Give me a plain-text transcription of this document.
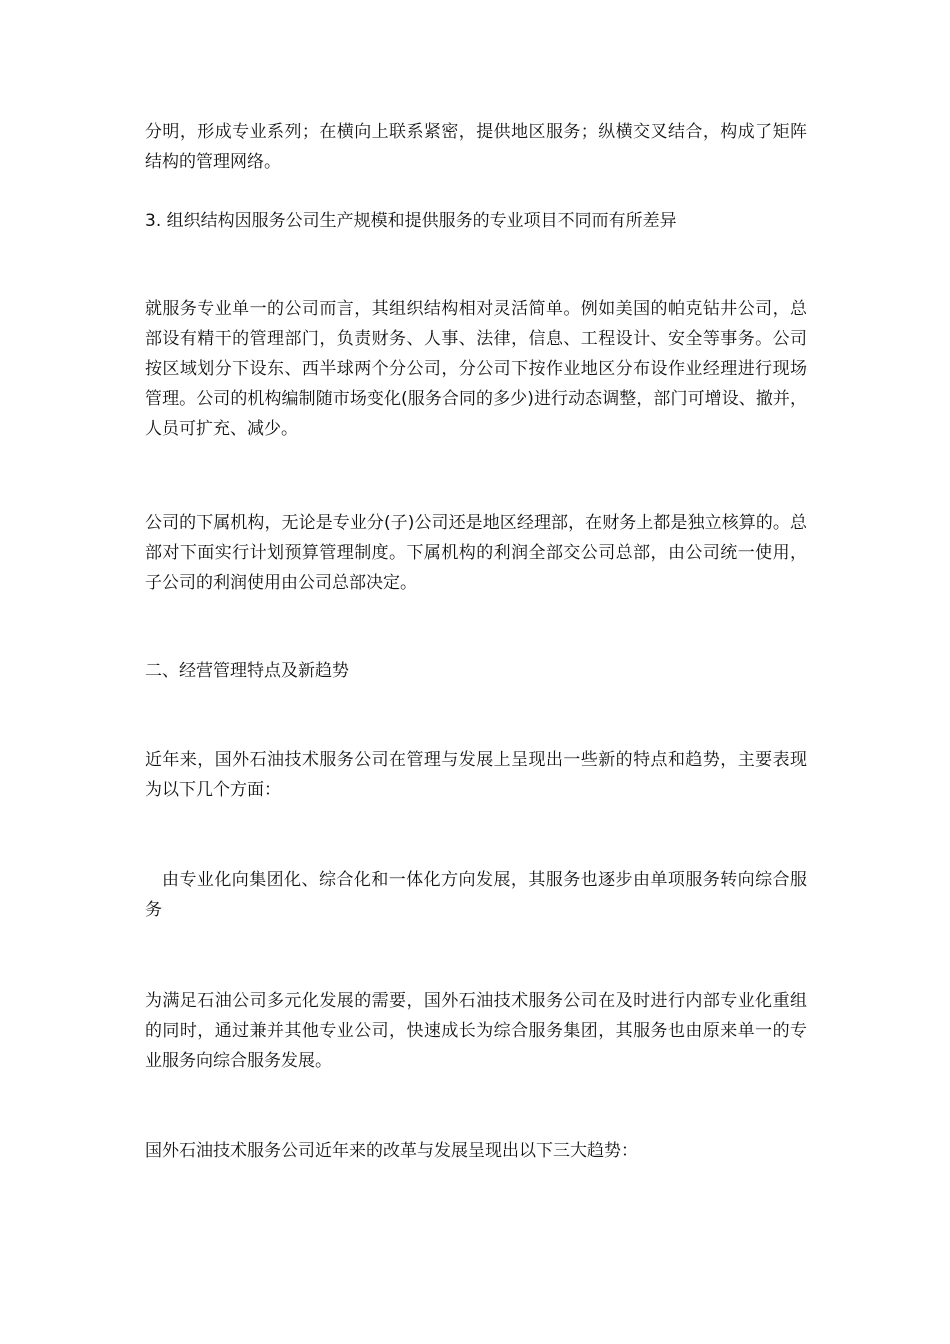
分明，形成专业系列；在横向上联系紧密，提供地区服务；纵横交叉结合，构成了矩阵结构的管理网络。

3. 组织结构因服务公司生产规模和提供服务的专业项目不同而有所差异

就服务专业单一的公司而言，其组织结构相对灵活简单。例如美国的帕克钻井公司，总部设有精干的管理部门，负责财务、人事、法律，信息、工程设计、安全等事务。公司按区域划分下设东、西半球两个分公司，分公司下按作业地区分布设作业经理进行现场管理。公司的机构编制随市场变化(服务合同的多少)进行动态调整，部门可增设、撤并，人员可扩充、减少。

公司的下属机构，无论是专业分(子)公司还是地区经理部，在财务上都是独立核算的。总部对下面实行计划预算管理制度。下属机构的利润全部交公司总部，由公司统一使用，子公司的利润使用由公司总部决定。

二、经营管理特点及新趋势

近年来，国外石油技术服务公司在管理与发展上呈现出一些新的特点和趋势，主要表现为以下几个方面：

由专业化向集团化、综合化和一体化方向发展，其服务也逐步由单项服务转向综合服务

为满足石油公司多元化发展的需要，国外石油技术服务公司在及时进行内部专业化重组的同时，通过兼并其他专业公司，快速成长为综合服务集团，其服务也由原来单一的专业服务向综合服务发展。

国外石油技术服务公司近年来的改革与发展呈现出以下三大趋势：
